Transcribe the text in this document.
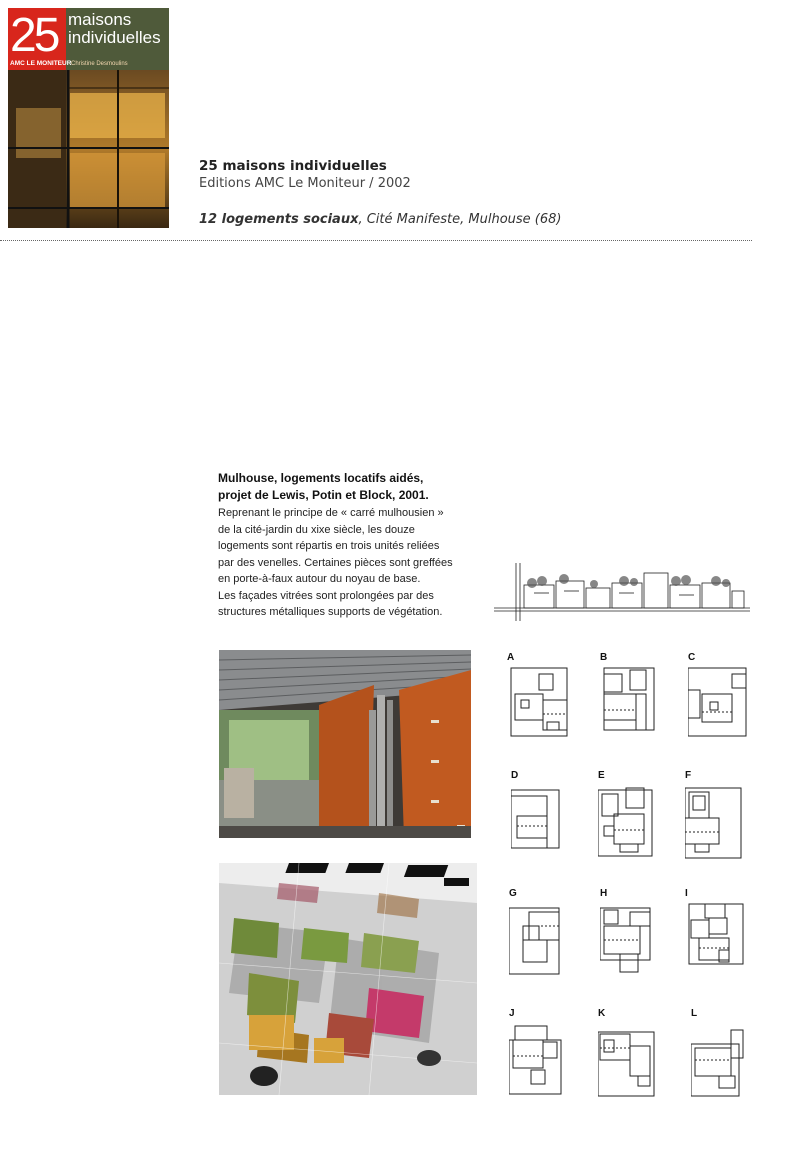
25 maisons
individuelles
AMC LE MONITEUR Christine Desmoulins
25 maisons individuelles
Editions AMC Le Moniteur / 2002
12 logements sociaux, Cité Manifeste, Mulhouse (68)
Mulhouse, logements locatifs aidés,
projet de Lewis, Potin et Block, 2001.
Reprenant le principe de « carré mulhousien »
de la cité-jardin du xixe siècle, les douze
logements sont répartis en trois unités reliées
par des venelles. Certaines pièces sont greffées
en porte-à-faux autour du noyau de base.
Les façades vitrées sont prolongées par des
structures métalliques supports de végétation.
A	B	C
D	E	F
G	H	I
J	K	L
